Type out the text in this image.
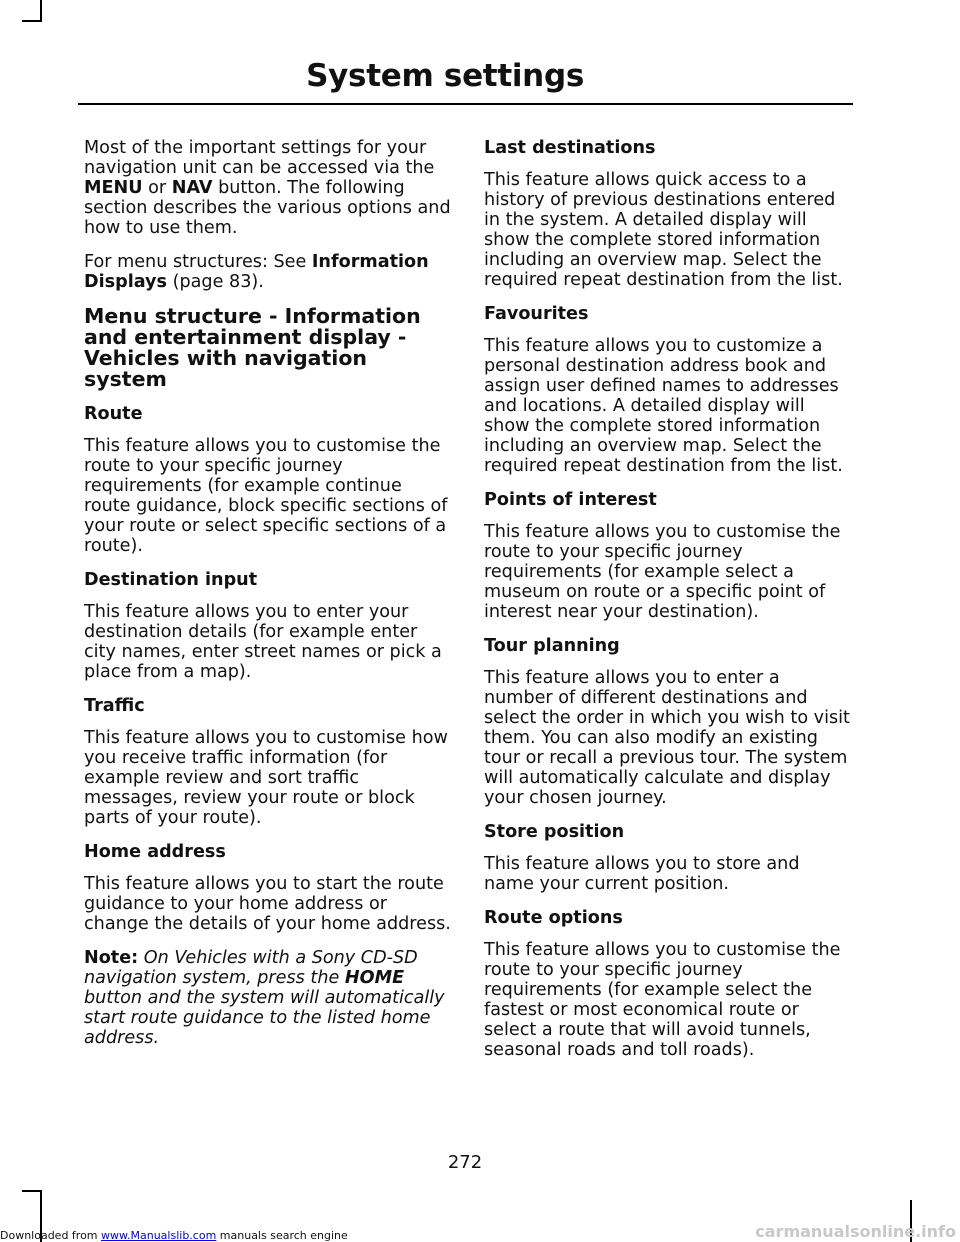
System settings

Most of the important settings for your navigation unit can be accessed via the MENU or NAV button. The following section describes the various options and how to use them.

For menu structures: See Information Displays (page 83).

Menu structure - Information and entertainment display - Vehicles with navigation system
Route

This feature allows you to customise the route to your specific journey requirements (for example continue route guidance, block specific sections of your route or select specific sections of a route).

Destination input

This feature allows you to enter your destination details (for example enter city names, enter street names or pick a place from a map).

Traffic

This feature allows you to customise how you receive traffic information (for example review and sort traffic messages, review your route or block parts of your route).

Home address

This feature allows you to start the route guidance to your home address or change the details of your home address.

Note: On Vehicles with a Sony CD-SD navigation system, press the HOME button and the system will automatically start route guidance to the listed home address.

Last destinations

This feature allows quick access to a history of previous destinations entered in the system. A detailed display will show the complete stored information including an overview map. Select the required repeat destination from the list.

Favourites

This feature allows you to customize a personal destination address book and assign user defined names to addresses and locations. A detailed display will show the complete stored information including an overview map. Select the required repeat destination from the list.

Points of interest

This feature allows you to customise the route to your specific journey requirements (for example select a museum on route or a specific point of interest near your destination).

Tour planning

This feature allows you to enter a number of different destinations and select the order in which you wish to visit them. You can also modify an existing tour or recall a previous tour. The system will automatically calculate and display your chosen journey.

Store position

This feature allows you to store and name your current position.

Route options

This feature allows you to customise the route to your specific journey requirements (for example select the fastest or most economical route or select a route that will avoid tunnels, seasonal roads and toll roads).

272
Downloaded from www.Manualslib.com manuals search engine	carmanualsonline.info
